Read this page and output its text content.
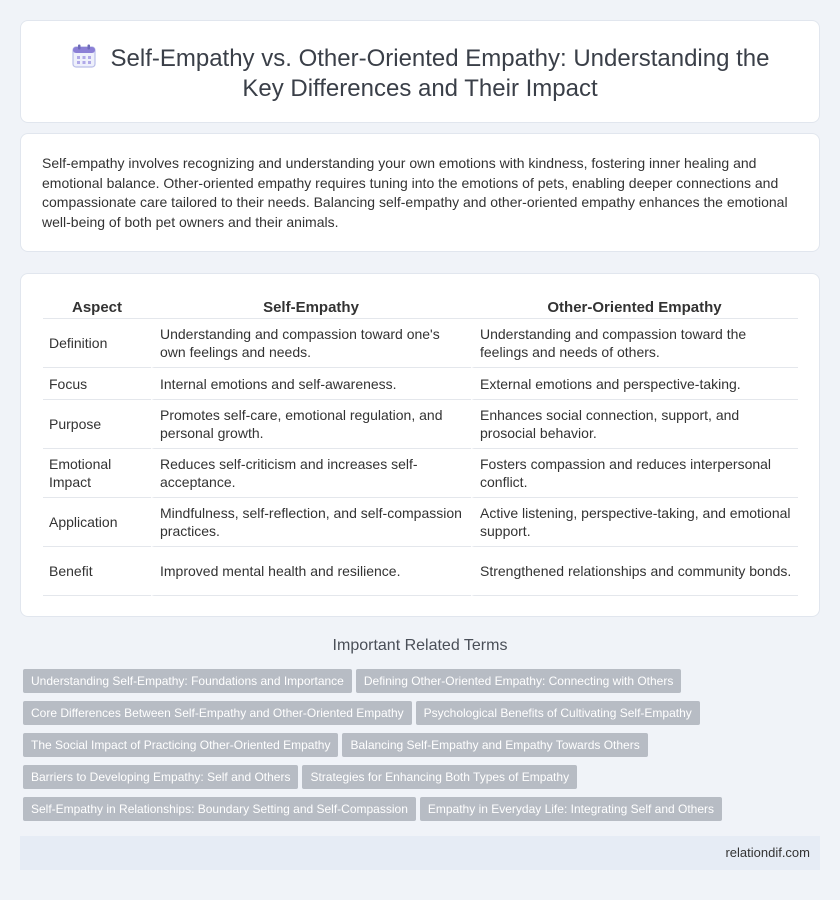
Self-Empathy vs. Other-Oriented Empathy: Understanding the Key Differences and Their Impact

Self-empathy involves recognizing and understanding your own emotions with kindness, fostering inner healing and emotional balance. Other-oriented empathy requires tuning into the emotions of pets, enabling deeper connections and compassionate care tailored to their needs. Balancing self-empathy and other-oriented empathy enhances the emotional well-being of both pet owners and their animals.

Aspect	Self-Empathy	Other-Oriented Empathy
Definition	Understanding and compassion toward one's own feelings and needs.	Understanding and compassion toward the feelings and needs of others.
Focus	Internal emotions and self-awareness.	External emotions and perspective-taking.
Purpose	Promotes self-care, emotional regulation, and personal growth.	Enhances social connection, support, and prosocial behavior.
Emotional Impact	Reduces self-criticism and increases self-acceptance.	Fosters compassion and reduces interpersonal conflict.
Application	Mindfulness, self-reflection, and self-compassion practices.	Active listening, perspective-taking, and emotional support.
Benefit	Improved mental health and resilience.	Strengthened relationships and community bonds.
Important Related Terms
Understanding Self-Empathy: Foundations and Importance Defining Other-Oriented Empathy: Connecting with Others
Core Differences Between Self-Empathy and Other-Oriented Empathy Psychological Benefits of Cultivating Self-Empathy
The Social Impact of Practicing Other-Oriented Empathy Balancing Self-Empathy and Empathy Towards Others
Barriers to Developing Empathy: Self and Others Strategies for Enhancing Both Types of Empathy
Self-Empathy in Relationships: Boundary Setting and Self-Compassion Empathy in Everyday Life: Integrating Self and Others
relationdif.com
